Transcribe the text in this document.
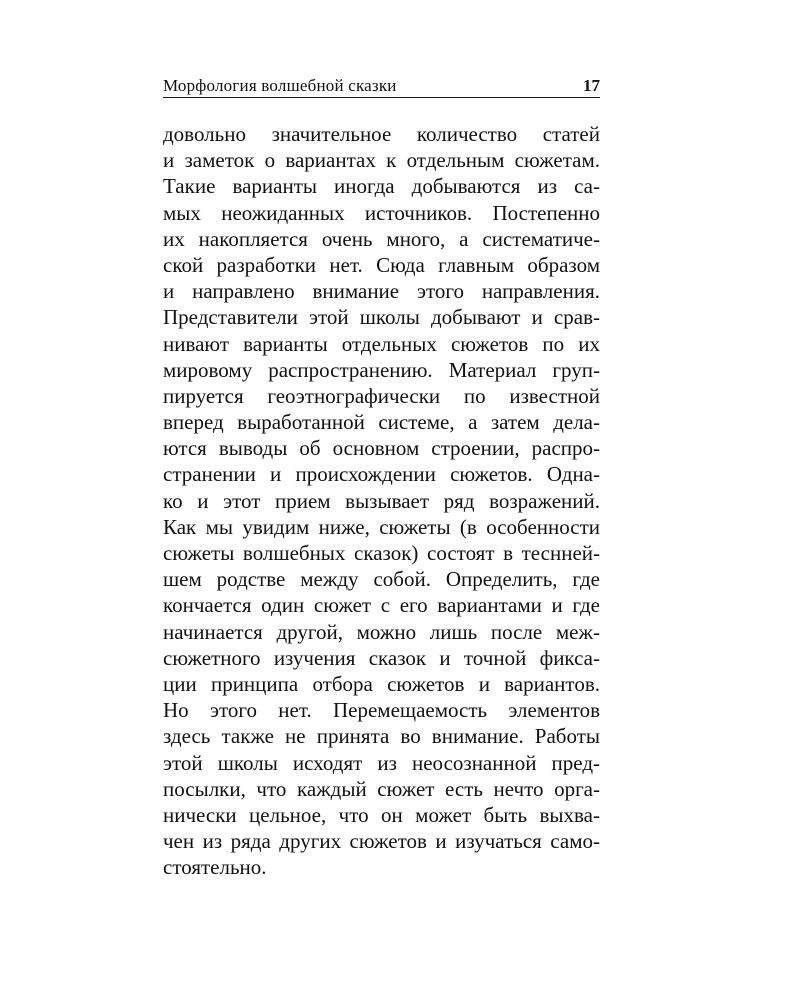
Морфология волшебной сказки	17
довольно значительное количество статей
и заметок о вариантах к отдельным сюжетам.
Такие варианты иногда добываются из са-
мых неожиданных источников. Постепенно
их накопляется очень много, а систематиче-
ской разработки нет. Сюда главным образом
и направлено внимание этого направления.
Представители этой школы добывают и срав-
нивают варианты отдельных сюжетов по их
мировому распространению. Материал груп-
пируется геоэтнографически по известной
вперед выработанной системе, а затем дела-
ются выводы об основном строении, распро-
странении и происхождении сюжетов. Одна-
ко и этот прием вызывает ряд возражений.
Как мы увидим ниже, сюжеты (в особенности
сюжеты волшебных сказок) состоят в теснней-
шем родстве между собой. Определить, где
кончается один сюжет с его вариантами и где
начинается другой, можно лишь после меж-
сюжетного изучения сказок и точной фикса-
ции принципа отбора сюжетов и вариантов.
Но этого нет. Перемещаемость элементов
здесь также не принята во внимание. Работы
этой школы исходят из неосознанной пред-
посылки, что каждый сюжет есть нечто орга-
нически цельное, что он может быть выхва-
чен из ряда других сюжетов и изучаться само-
стоятельно.
